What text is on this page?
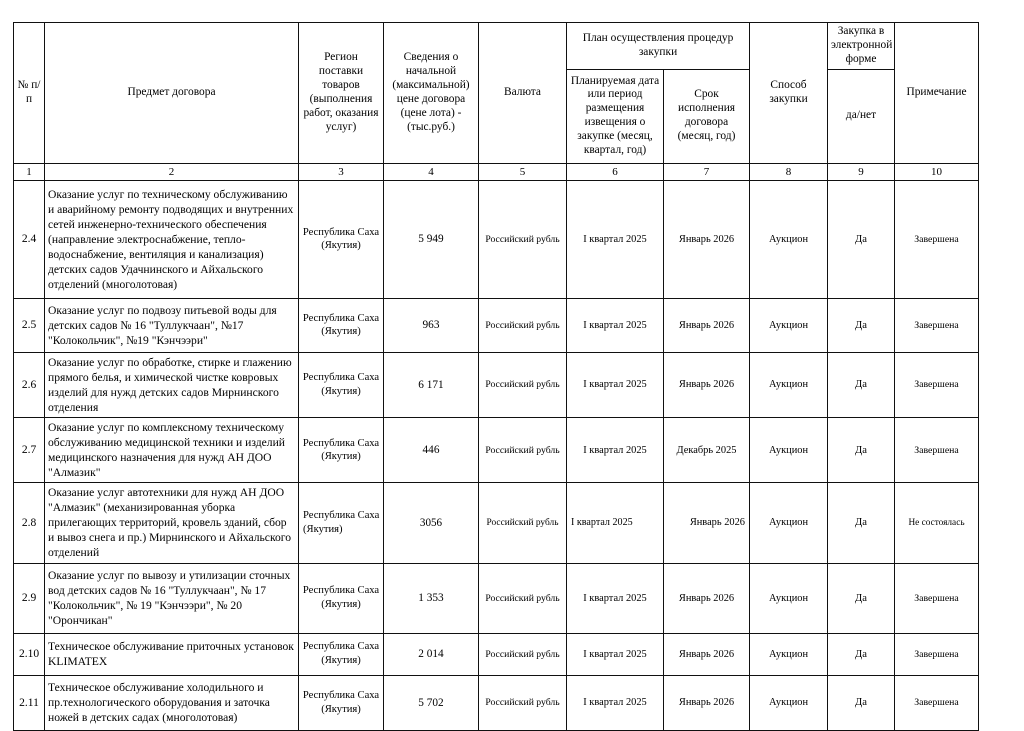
№ п/п	Предмет договора	Регион поставки товаров (выполнения работ, оказания услуг)	Сведения о начальной (максимальной) цене договора (цене лота) - (тыс.руб.)	Валюта	План осуществления процедур закупки		Способ закупки	Закупка в электронной форме	Примечание
					Планируемая дата или период размещения извещения о закупке (месяц, квартал, год)	Срок исполнения договора (месяц, год)		да/нет	
1	2	3	4	5	6	7	8	9	10
2.4	Оказание услуг по техническому обслуживанию и аварийному ремонту подводящих и внутренних сетей инженерно-технического обеспечения (направление электроснабжение, тепло-водоснабжение, вентиляция и канализация) детских садов Удачнинского и Айхальского отделений (многолотовая)	Республика Саха (Якутия)	5 949	Российский рубль	I квартал 2025	Январь 2026	Аукцион	Да	Завершена
2.5	Оказание услуг по подвозу питьевой воды для детских садов № 16 "Туллукчаан", №17 "Колокольчик", №19 "Кэнчээри"	Республика Саха (Якутия)	963	Российский рубль	I квартал 2025	Январь 2026	Аукцион	Да	Завершена
2.6	Оказание услуг по обработке, стирке и глажению прямого белья, и химической чистке ковровых изделий для нужд детских садов Мирнинского отделения	Республика Саха (Якутия)	6 171	Российский рубль	I квартал 2025	Январь 2026	Аукцион	Да	Завершена
2.7	Оказание услуг по комплексному техническому обслуживанию медицинской техники и изделий медицинского назначения для нужд АН ДОО "Алмазик"	Республика Саха (Якутия)	446	Российский рубль	I квартал 2025	Декабрь 2025	Аукцион	Да	Завершена
2.8	Оказание услуг автотехники для нужд АН ДОО "Алмазик" (механизированная уборка прилегающих территорий, кровель зданий, сбор и вывоз снега и пр.) Мирнинского и Айхальского отделений	Республика Саха (Якутия)	3056	Российский рубль	I квартал 2025	Январь 2026	Аукцион	Да	Не состоялась
2.9	Оказание услуг по вывозу и утилизации сточных вод детских садов № 16 "Туллукчаан", № 17 "Колокольчик", № 19 "Кэнчээри", № 20 "Орончикан"	Республика Саха (Якутия)	1 353	Российский рубль	I квартал 2025	Январь 2026	Аукцион	Да	Завершена
2.10	Техническое обслуживание приточных установок KLIMATEX	Республика Саха (Якутия)	2 014	Российский рубль	I квартал 2025	Январь 2026	Аукцион	Да	Завершена
2.11	Техническое обслуживание холодильного и пр.технологического оборудования и заточка ножей в детских садах (многолотовая)	Республика Саха (Якутия)	5 702	Российский рубль	I квартал 2025	Январь 2026	Аукцион	Да	Завершена
